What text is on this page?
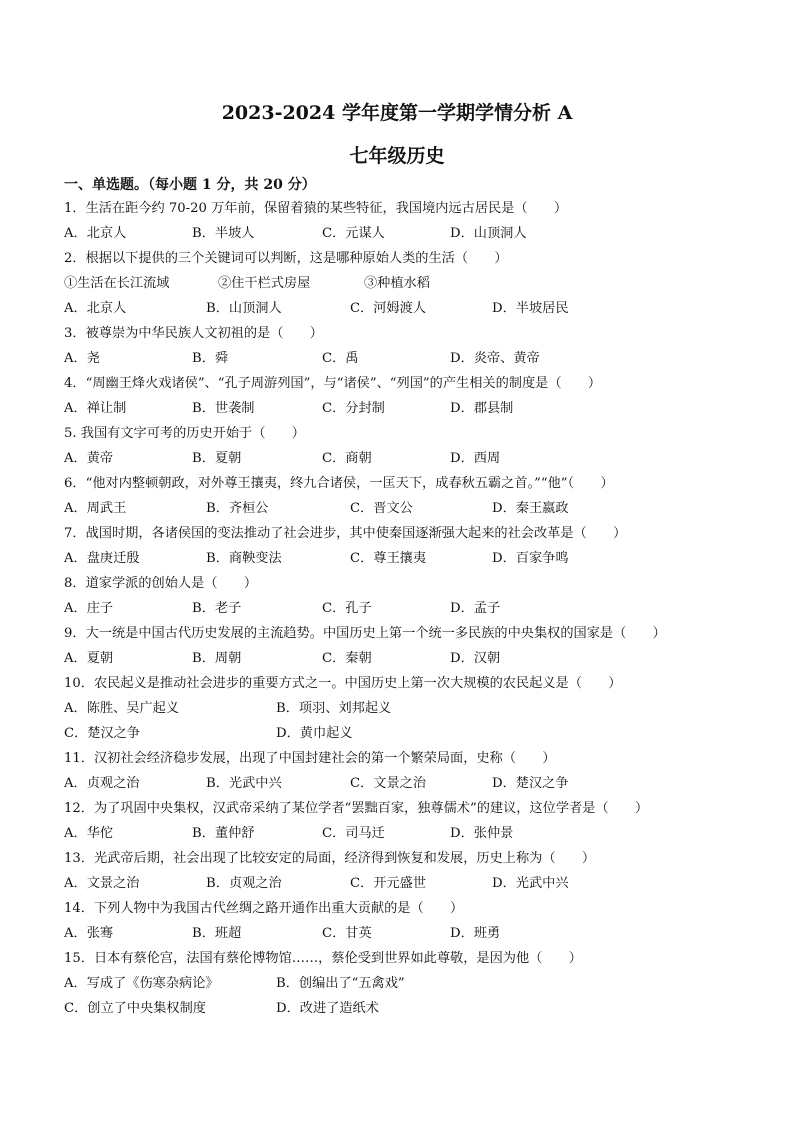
2023-2024 学年度第一学期学情分析 A
七年级历史
一、单选题。（每小题 1 分，共 20 分）
1．生活在距今约 70-20 万年前，保留着猿的某些特征，我国境内远古居民是（　　）
A．北京人	B．半坡人	C．元谋人	D．山顶洞人
2．根据以下提供的三个关键词可以判断，这是哪种原始人类的生活（　　）
①生活在长江流域	②住干栏式房屋	③种植水稻
A．北京人	B．山顶洞人	C．河姆渡人	D．半坡居民
3．被尊崇为中华民族人文初祖的是（　　）
A．尧	B．舜	C．禹	D．炎帝、黄帝
4．“周幽王烽火戏诸侯”、“孔子周游列国”，与“诸侯”、“列国”的产生相关的制度是（　　）
A．禅让制	B．世袭制	C．分封制	D．郡县制
5. 我国有文字可考的历史开始于（　　）
A．黄帝	B．夏朝	C．商朝	D．西周
6．“他对内整顿朝政，对外尊王攘夷，终九合诸侯，一匡天下，成春秋五霸之首。”“他”（　　）
A．周武王	B．齐桓公	C．晋文公	D．秦王嬴政
7．战国时期，各诸侯国的变法推动了社会进步，其中使秦国逐渐强大起来的社会改革是（　　）
A．盘庚迁殷	B．商鞅变法	C．尊王攘夷	D．百家争鸣
8．道家学派的创始人是（　　）
A．庄子	B．老子	C．孔子	D．孟子
9．大一统是中国古代历史发展的主流趋势。中国历史上第一个统一多民族的中央集权的国家是（　　）
A．夏朝	B．周朝	C．秦朝	D．汉朝
10．农民起义是推动社会进步的重要方式之一。中国历史上第一次大规模的农民起义是（　　）
A．陈胜、吴广起义	B．项羽、刘邦起义
C．楚汉之争	D．黄巾起义
11．汉初社会经济稳步发展，出现了中国封建社会的第一个繁荣局面，史称（　　）
A．贞观之治	B．光武中兴	C．文景之治	D．楚汉之争
12．为了巩固中央集权，汉武帝采纳了某位学者“罢黜百家，独尊儒术”的建议，这位学者是（　　）
A．华佗	B．董仲舒	C．司马迁	D．张仲景
13．光武帝后期，社会出现了比较安定的局面，经济得到恢复和发展，历史上称为（　　）
A．文景之治	B．贞观之治	C．开元盛世	D．光武中兴
14．下列人物中为我国古代丝绸之路开通作出重大贡献的是（　　）
A．张骞	B．班超	C．甘英	D．班勇
15．日本有蔡伦宫，法国有蔡伦博物馆……，蔡伦受到世界如此尊敬，是因为他（　　）
A．写成了《伤寒杂病论》	B．创编出了“五禽戏”
C．创立了中央集权制度	D．改进了造纸术
